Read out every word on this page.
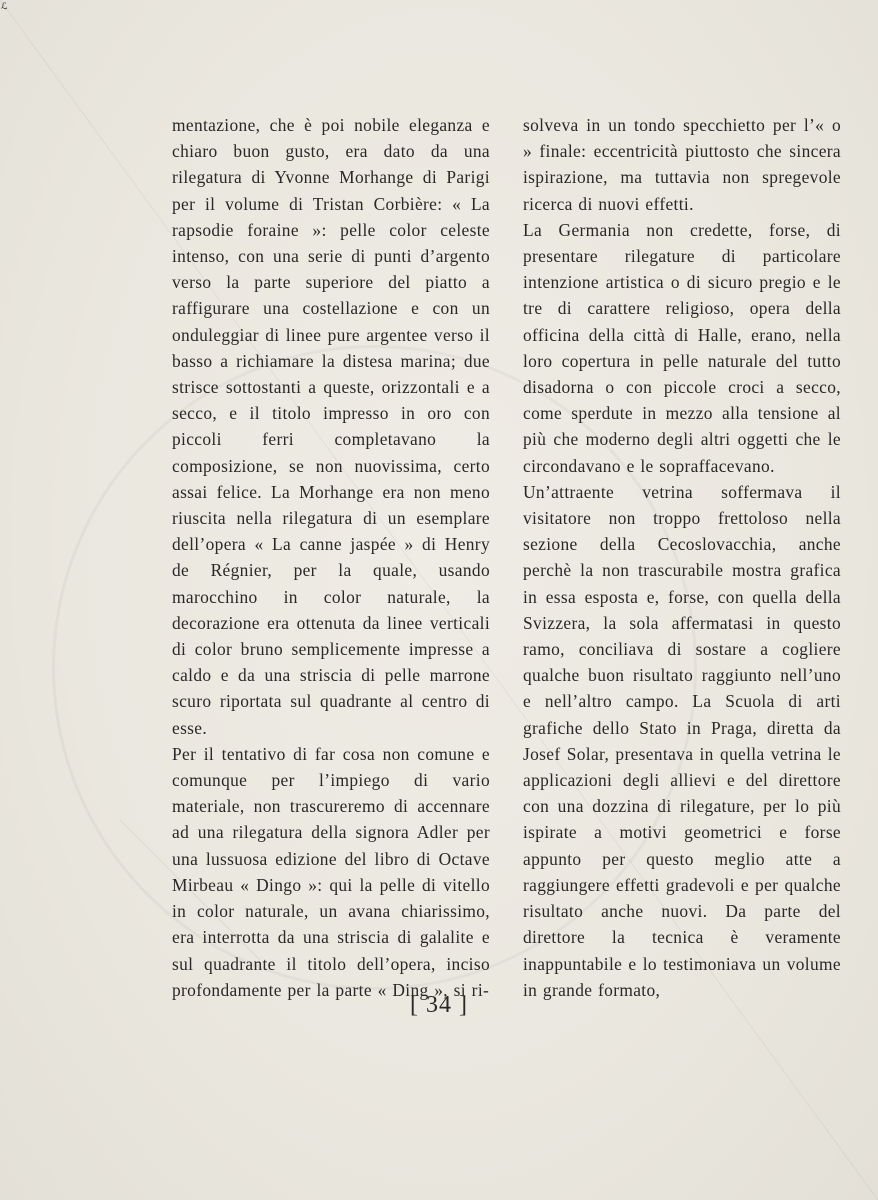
ℒ

mentazione, che è poi nobile eleganza e chiaro buon gusto, era dato da una rilegatura di Yvonne Morhange di Parigi per il volume di Tristan Corbière: « La rapsodie foraine »: pelle color celeste intenso, con una serie di punti d’argento verso la parte superiore del piatto a raffigurare una costellazione e con un onduleggiar di linee pure argentee verso il basso a richiamare la distesa marina; due strisce sottostanti a queste, orizzontali e a secco, e il titolo impresso in oro con piccoli ferri completavano la composizione, se non nuovissima, certo assai felice. La Morhange era non meno riuscita nella rilegatura di un esemplare dell’opera « La canne jaspée » di Henry de Régnier, per la quale, usando marocchino in color naturale, la decorazione era ottenuta da linee verticali di color bruno semplicemente impresse a caldo e da una striscia di pelle marrone scuro riportata sul quadrante al centro di esse.

Per il tentativo di far cosa non comune e comunque per l’impiego di vario materiale, non trascureremo di accennare ad una rilegatura della signora Adler per una lussuosa edizione del libro di Octave Mirbeau « Dingo »: qui la pelle di vitello in color naturale, un avana chiarissimo, era interrotta da una striscia di galalite e sul quadrante il titolo dell’opera, inciso profondamente per la parte « Ding », si ri-

solveva in un tondo specchietto per l’« o » finale: eccentricità piuttosto che sincera ispirazione, ma tuttavia non spregevole ricerca di nuovi effetti.

La Germania non credette, forse, di presentare rilegature di particolare intenzione artistica o di sicuro pregio e le tre di carattere religioso, opera della officina della città di Halle, erano, nella loro copertura in pelle naturale del tutto disadorna o con piccole croci a secco, come sperdute in mezzo alla tensione al più che moderno degli altri oggetti che le circondavano e le sopraffacevano.

Un’attraente vetrina soffermava il visitatore non troppo frettoloso nella sezione della Cecoslovacchia, anche perchè la non trascurabile mostra grafica in essa esposta e, forse, con quella della Svizzera, la sola affermatasi in questo ramo, conciliava di sostare a cogliere qualche buon risultato raggiunto nell’uno e nell’altro campo. La Scuola di arti grafiche dello Stato in Praga, diretta da Josef Solar, presentava in quella vetrina le applicazioni degli allievi e del direttore con una dozzina di rilegature, per lo più ispirate a motivi geometrici e forse appunto per questo meglio atte a raggiungere effetti gradevoli e per qualche risultato anche nuovi. Da parte del direttore la tecnica è veramente inappuntabile e lo testimoniava un volume in grande formato,

[ 34 ]
